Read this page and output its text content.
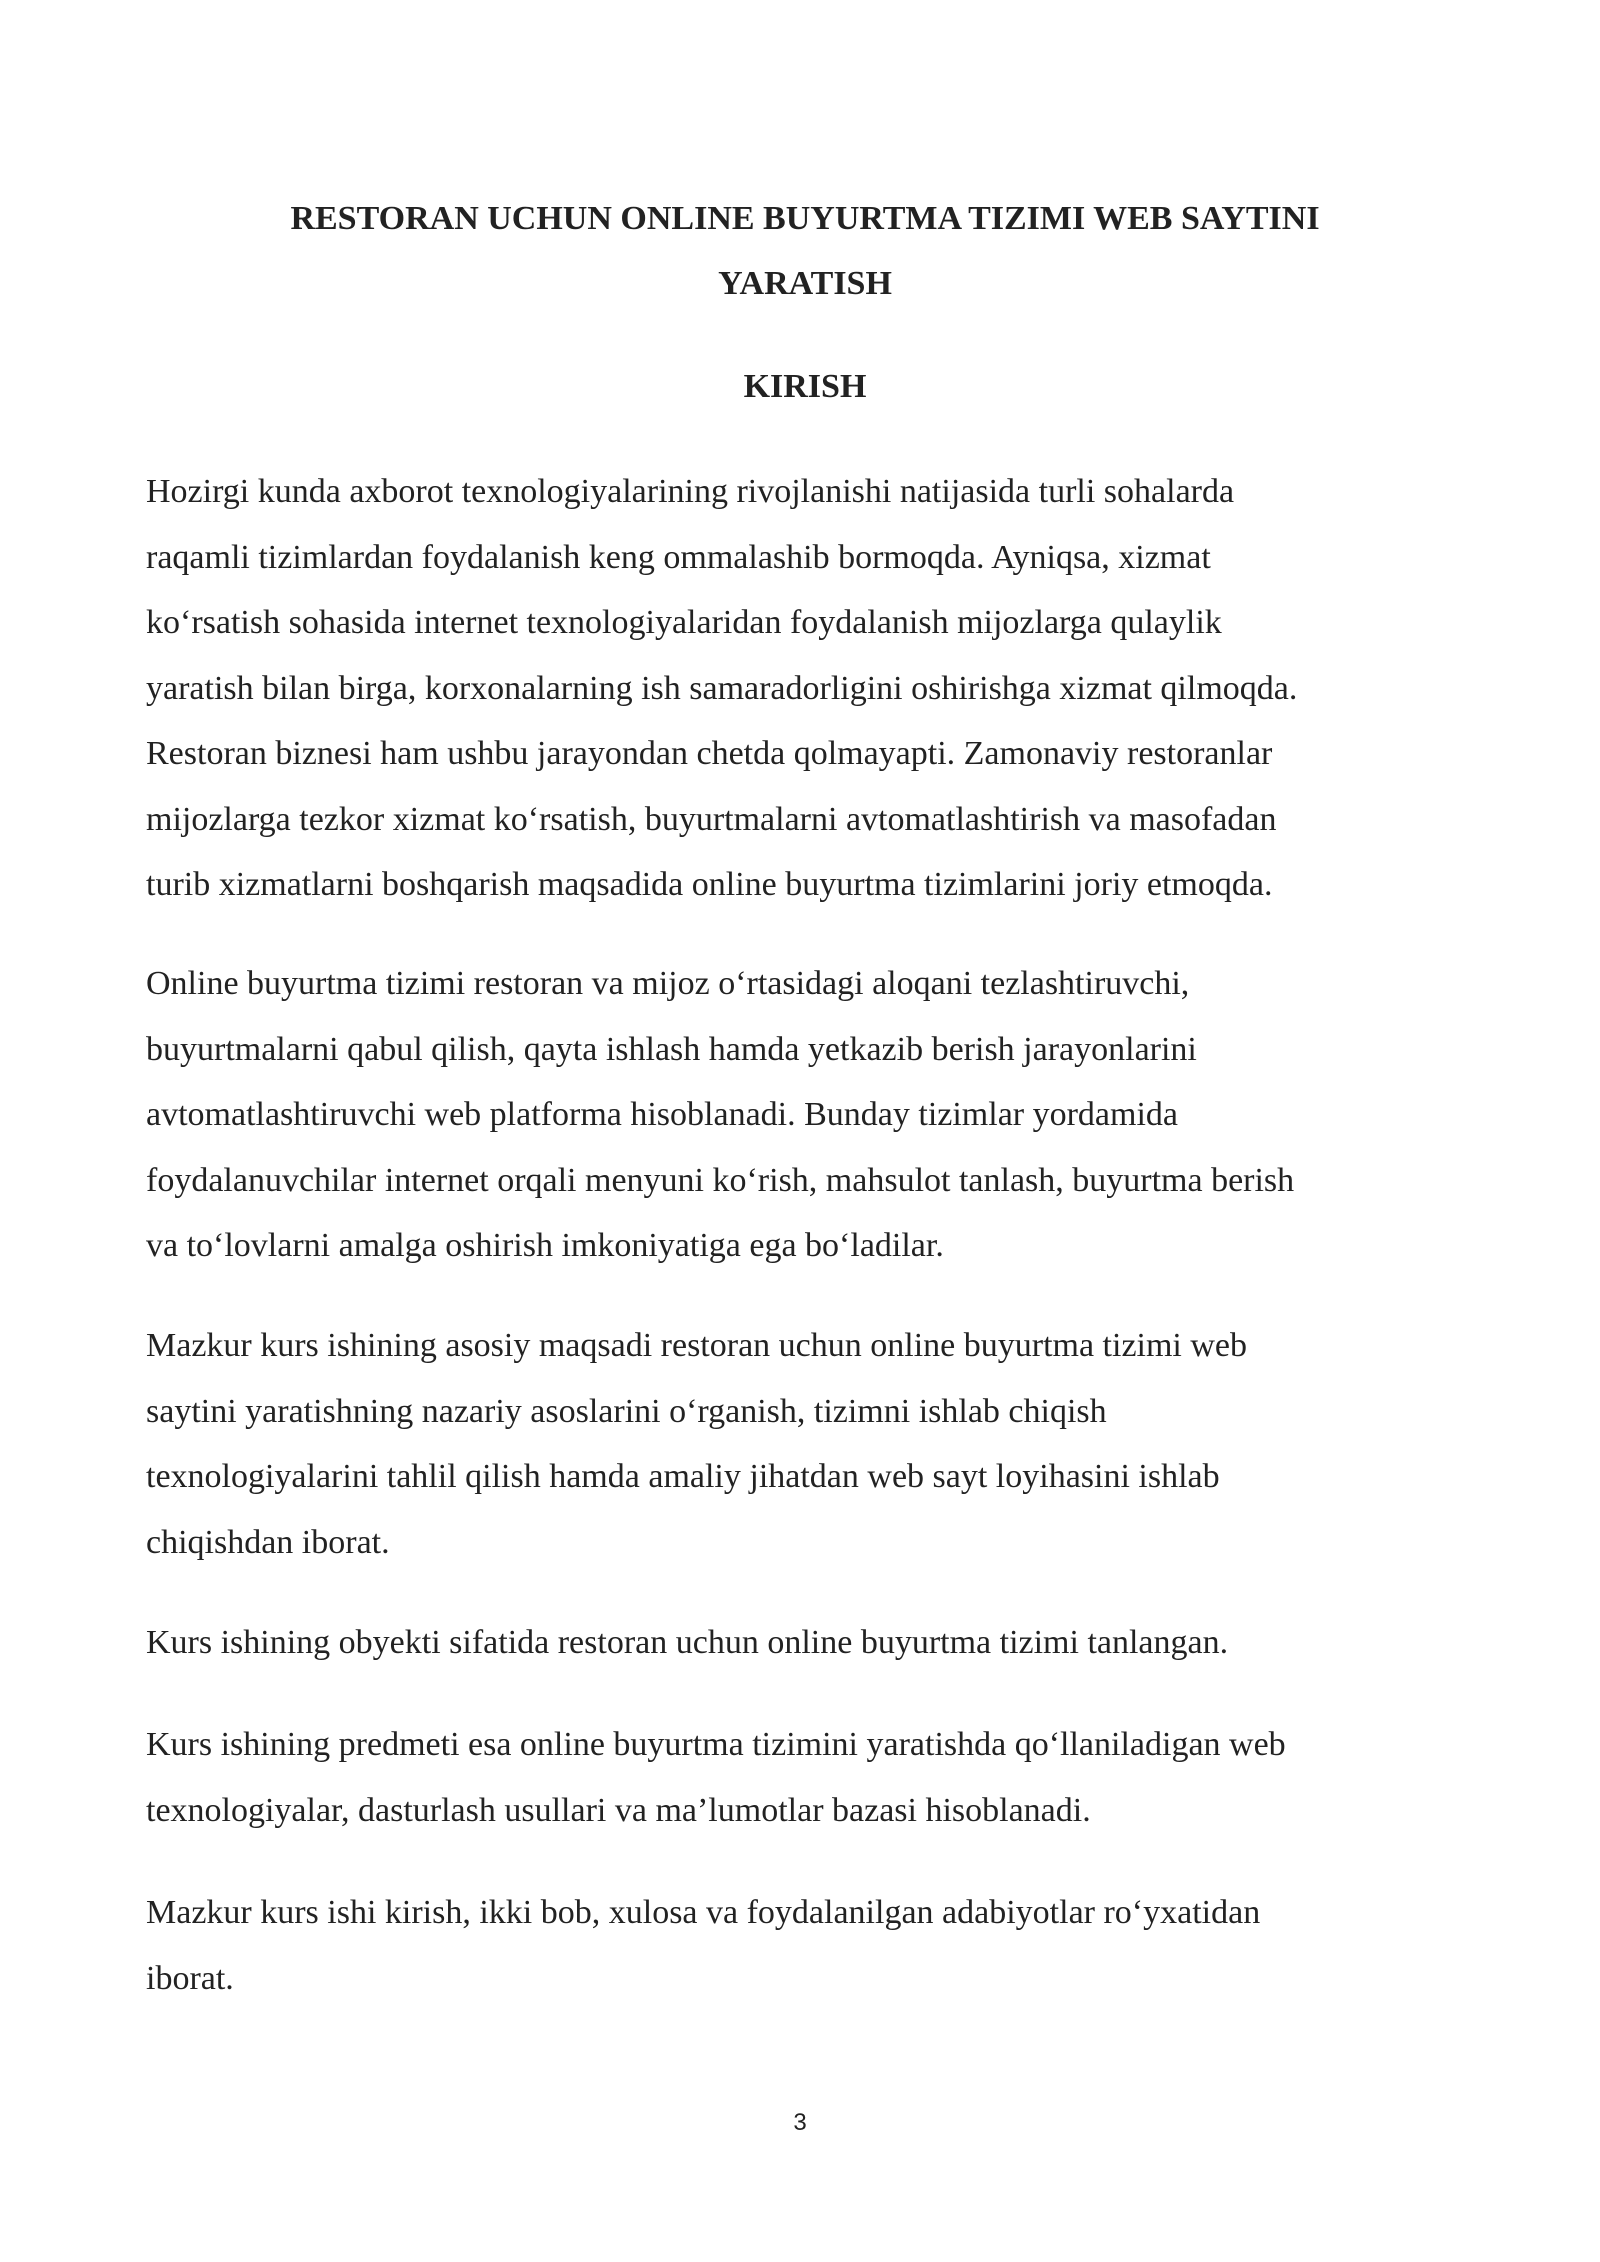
RESTORAN UCHUN ONLINE BUYURTMA TIZIMI WEB SAYTINI
YARATISH
KIRISH

Hozirgi kunda axborot texnologiyalarining rivojlanishi natijasida turli sohalarda
raqamli tizimlardan foydalanish keng ommalashib bormoqda. Ayniqsa, xizmat
ko‘rsatish sohasida internet texnologiyalaridan foydalanish mijozlarga qulaylik
yaratish bilan birga, korxonalarning ish samaradorligini oshirishga xizmat qilmoqda.
Restoran biznesi ham ushbu jarayondan chetda qolmayapti. Zamonaviy restoranlar
mijozlarga tezkor xizmat ko‘rsatish, buyurtmalarni avtomatlashtirish va masofadan
turib xizmatlarni boshqarish maqsadida online buyurtma tizimlarini joriy etmoqda.

Online buyurtma tizimi restoran va mijoz o‘rtasidagi aloqani tezlashtiruvchi,
buyurtmalarni qabul qilish, qayta ishlash hamda yetkazib berish jarayonlarini
avtomatlashtiruvchi web platforma hisoblanadi. Bunday tizimlar yordamida
foydalanuvchilar internet orqali menyuni ko‘rish, mahsulot tanlash, buyurtma berish
va to‘lovlarni amalga oshirish imkoniyatiga ega bo‘ladilar.

Mazkur kurs ishining asosiy maqsadi restoran uchun online buyurtma tizimi web
saytini yaratishning nazariy asoslarini o‘rganish, tizimni ishlab chiqish
texnologiyalarini tahlil qilish hamda amaliy jihatdan web sayt loyihasini ishlab
chiqishdan iborat.

Kurs ishining obyekti sifatida restoran uchun online buyurtma tizimi tanlangan.

Kurs ishining predmeti esa online buyurtma tizimini yaratishda qo‘llaniladigan web
texnologiyalar, dasturlash usullari va ma’lumotlar bazasi hisoblanadi.

Mazkur kurs ishi kirish, ikki bob, xulosa va foydalanilgan adabiyotlar ro‘yxatidan
iborat.

3
